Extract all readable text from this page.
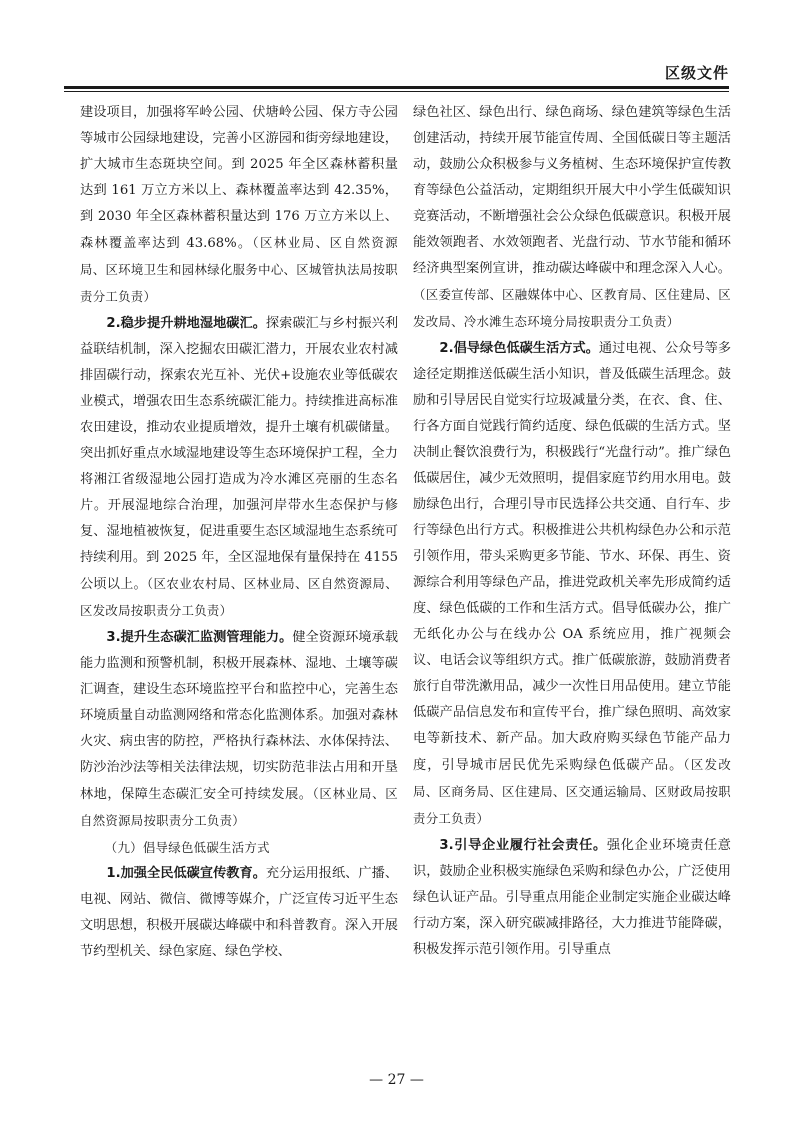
区级文件

建设项目，加强将军岭公园、伏塘岭公园、保方寺公园等城市公园绿地建设，完善小区游园和街旁绿地建设，扩大城市生态斑块空间。到 2025 年全区森林蓄积量达到 161 万立方米以上、森林覆盖率达到 42.35%，到 2030 年全区森林蓄积量达到 176 万立方米以上、森林覆盖率达到 43.68%。（区林业局、区自然资源局、区环境卫生和园林绿化服务中心、区城管执法局按职责分工负责）

2.稳步提升耕地湿地碳汇。探索碳汇与乡村振兴利益联结机制，深入挖掘农田碳汇潜力，开展农业农村减排固碳行动，探索农光互补、光伏+设施农业等低碳农业模式，增强农田生态系统碳汇能力。持续推进高标准农田建设，推动农业提质增效，提升土壤有机碳储量。突出抓好重点水域湿地建设等生态环境保护工程，全力将湘江省级湿地公园打造成为冷水滩区亮丽的生态名片。开展湿地综合治理，加强河岸带水生态保护与修复、湿地植被恢复，促进重要生态区域湿地生态系统可持续利用。到 2025 年，全区湿地保有量保持在 4155 公顷以上。（区农业农村局、区林业局、区自然资源局、区发改局按职责分工负责）

3.提升生态碳汇监测管理能力。健全资源环境承载能力监测和预警机制，积极开展森林、湿地、土壤等碳汇调查，建设生态环境监控平台和监控中心，完善生态环境质量自动监测网络和常态化监测体系。加强对森林火灾、病虫害的防控，严格执行森林法、水体保持法、防沙治沙法等相关法律法规，切实防范非法占用和开垦林地，保障生态碳汇安全可持续发展。（区林业局、区自然资源局按职责分工负责）

（九）倡导绿色低碳生活方式

1.加强全民低碳宣传教育。充分运用报纸、广播、电视、网站、微信、微博等媒介，广泛宣传习近平生态文明思想，积极开展碳达峰碳中和科普教育。深入开展节约型机关、绿色家庭、绿色学校、

绿色社区、绿色出行、绿色商场、绿色建筑等绿色生活创建活动，持续开展节能宣传周、全国低碳日等主题活动，鼓励公众积极参与义务植树、生态环境保护宣传教育等绿色公益活动，定期组织开展大中小学生低碳知识竞赛活动，不断增强社会公众绿色低碳意识。积极开展能效领跑者、水效领跑者、光盘行动、节水节能和循环经济典型案例宣讲，推动碳达峰碳中和理念深入人心。（区委宣传部、区融媒体中心、区教育局、区住建局、区发改局、冷水滩生态环境分局按职责分工负责）

2.倡导绿色低碳生活方式。通过电视、公众号等多途径定期推送低碳生活小知识，普及低碳生活理念。鼓励和引导居民自觉实行垃圾减量分类，在衣、食、住、行各方面自觉践行简约适度、绿色低碳的生活方式。坚决制止餐饮浪费行为，积极践行“光盘行动”。推广绿色低碳居住，减少无效照明，提倡家庭节约用水用电。鼓励绿色出行，合理引导市民选择公共交通、自行车、步行等绿色出行方式。积极推进公共机构绿色办公和示范引领作用，带头采购更多节能、节水、环保、再生、资源综合利用等绿色产品，推进党政机关率先形成简约适度、绿色低碳的工作和生活方式。倡导低碳办公，推广无纸化办公与在线办公 OA 系统应用，推广视频会议、电话会议等组织方式。推广低碳旅游，鼓励消费者旅行自带洗漱用品，减少一次性日用品使用。建立节能低碳产品信息发布和宣传平台，推广绿色照明、高效家电等新技术、新产品。加大政府购买绿色节能产品力度，引导城市居民优先采购绿色低碳产品。（区发改局、区商务局、区住建局、区交通运输局、区财政局按职责分工负责）

3.引导企业履行社会责任。强化企业环境责任意识，鼓励企业积极实施绿色采购和绿色办公，广泛使用绿色认证产品。引导重点用能企业制定实施企业碳达峰行动方案，深入研究碳减排路径，大力推进节能降碳，积极发挥示范引领作用。引导重点

— 27 —
